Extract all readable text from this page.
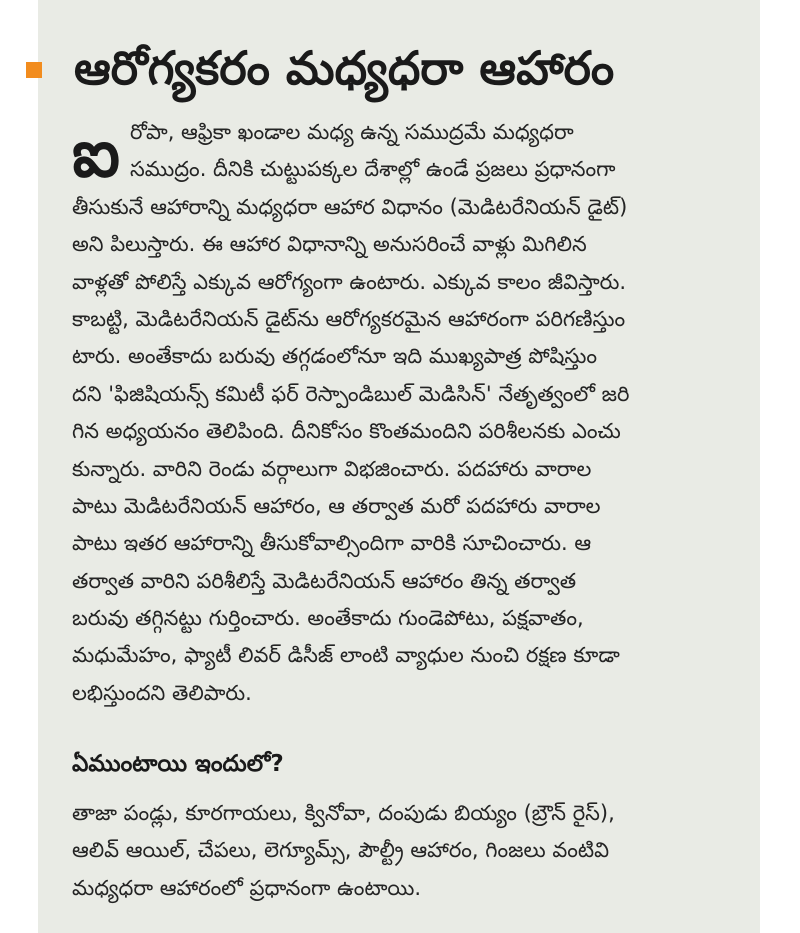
ఆరోగ్యకరం మధ్యధరా ఆహారం
ఐ రోపా, ఆఫ్రికా ఖండాల మధ్య ఉన్న సముద్రమే మధ్యధరా
సముద్రం. దీనికి చుట్టుపక్కల దేశాల్లో ఉండే ప్రజలు ప్రధానంగా
తీసుకునే ఆహారాన్ని మధ్యధరా ఆహార విధానం (మెడిటరేనియన్ డైట్)
అని పిలుస్తారు. ఈ ఆహార విధానాన్ని అనుసరించే వాళ్లు మిగిలిన
వాళ్లతో పోలిస్తే ఎక్కువ ఆరోగ్యంగా ఉంటారు. ఎక్కువ కాలం జీవిస్తారు.
కాబట్టి, మెడిటరేనియన్ డైట్‌ను ఆరోగ్యకరమైన ఆహారంగా పరిగణిస్తుం
టారు. అంతేకాదు బరువు తగ్గడంలోనూ ఇది ముఖ్యపాత్ర పోషిస్తుం
దని 'ఫిజిషియన్స్ కమిటీ ఫర్ రెస్పాండిబుల్ మెడిసిన్' నేతృత్వంలో జరి
గిన అధ్యయనం తెలిపింది. దీనికోసం కొంతమందిని పరిశీలనకు ఎంచు
కున్నారు. వారిని రెండు వర్గాలుగా విభజించారు. పదహారు వారాల
పాటు మెడిటరేనియన్ ఆహారం, ఆ తర్వాత మరో పదహారు వారాల
పాటు ఇతర ఆహారాన్ని తీసుకోవాల్సిందిగా వారికి సూచించారు. ఆ
తర్వాత వారిని పరిశీలిస్తే మెడిటరేనియన్ ఆహారం తిన్న తర్వాత
బరువు తగ్గినట్టు గుర్తించారు. అంతేకాదు గుండెపోటు, పక్షవాతం,
మధుమేహం, ఫ్యాటీ లివర్ డిసీజ్ లాంటి వ్యాధుల నుంచి రక్షణ కూడా
లభిస్తుందని తెలిపారు.
ఏముంటాయి ఇందులో?
తాజా పండ్లు, కూరగాయలు, క్వినోవా, దంపుడు బియ్యం (బ్రౌన్ రైస్),
ఆలివ్ ఆయిల్, చేపలు, లెగ్యూమ్స్, పౌల్ట్రీ ఆహారం, గింజలు వంటివి
మధ్యధరా ఆహారంలో ప్రధానంగా ఉంటాయి.
